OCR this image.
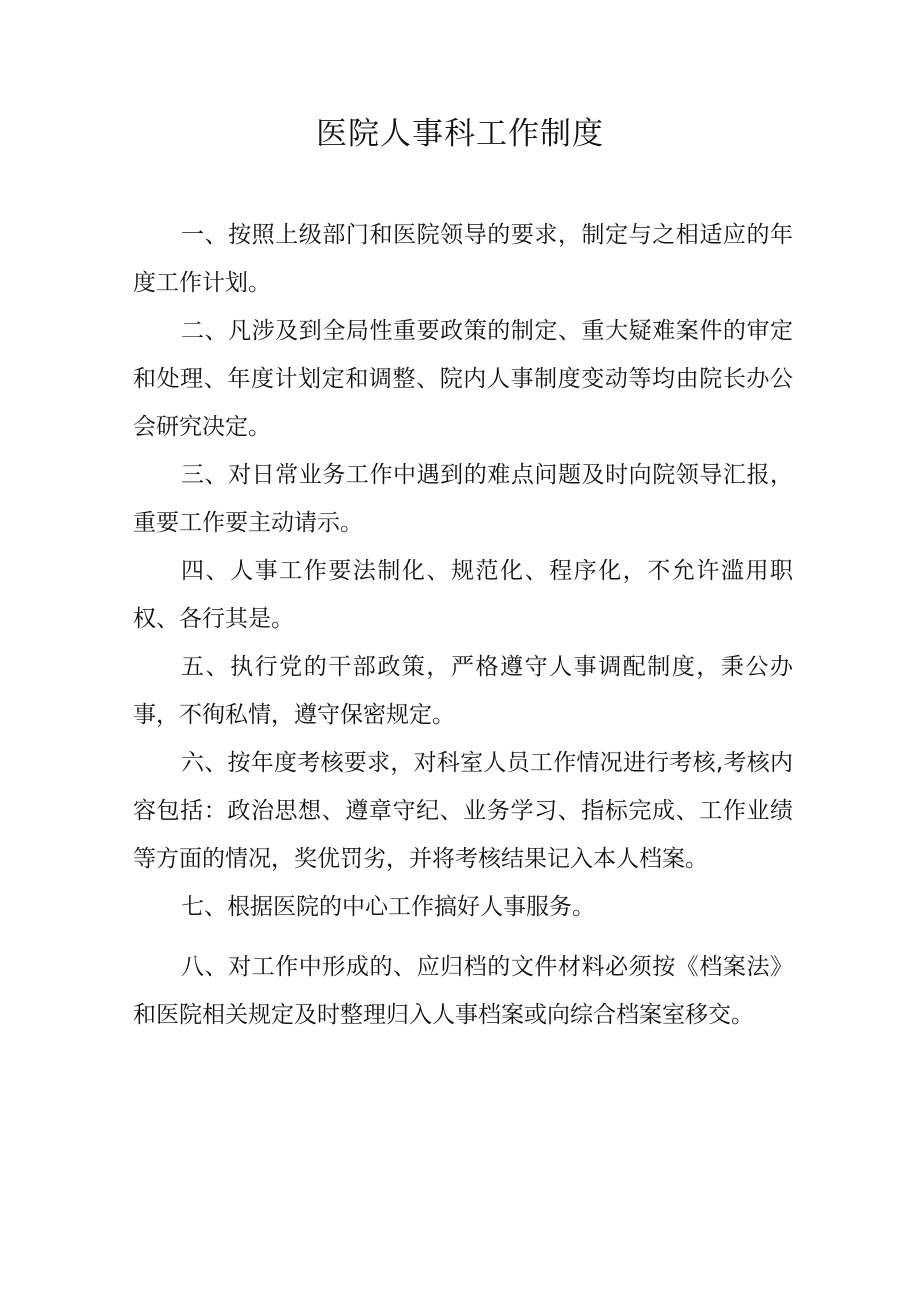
医院人事科工作制度

一、按照上级部门和医院领导的要求，制定与之相适应的年度工作计划。

二、凡涉及到全局性重要政策的制定、重大疑难案件的审定和处理、年度计划定和调整、院内人事制度变动等均由院长办公会研究决定。

三、对日常业务工作中遇到的难点问题及时向院领导汇报，重要工作要主动请示。

四、人事工作要法制化、规范化、程序化，不允许滥用职权、各行其是。

五、执行党的干部政策，严格遵守人事调配制度，秉公办事，不徇私情，遵守保密规定。

六、按年度考核要求，对科室人员工作情况进行考核,考核内容包括：政治思想、遵章守纪、业务学习、指标完成、工作业绩等方面的情况，奖优罚劣，并将考核结果记入本人档案。

七、根据医院的中心工作搞好人事服务。

八、对工作中形成的、应归档的文件材料必须按《档案法》和医院相关规定及时整理归入人事档案或向综合档案室移交。
